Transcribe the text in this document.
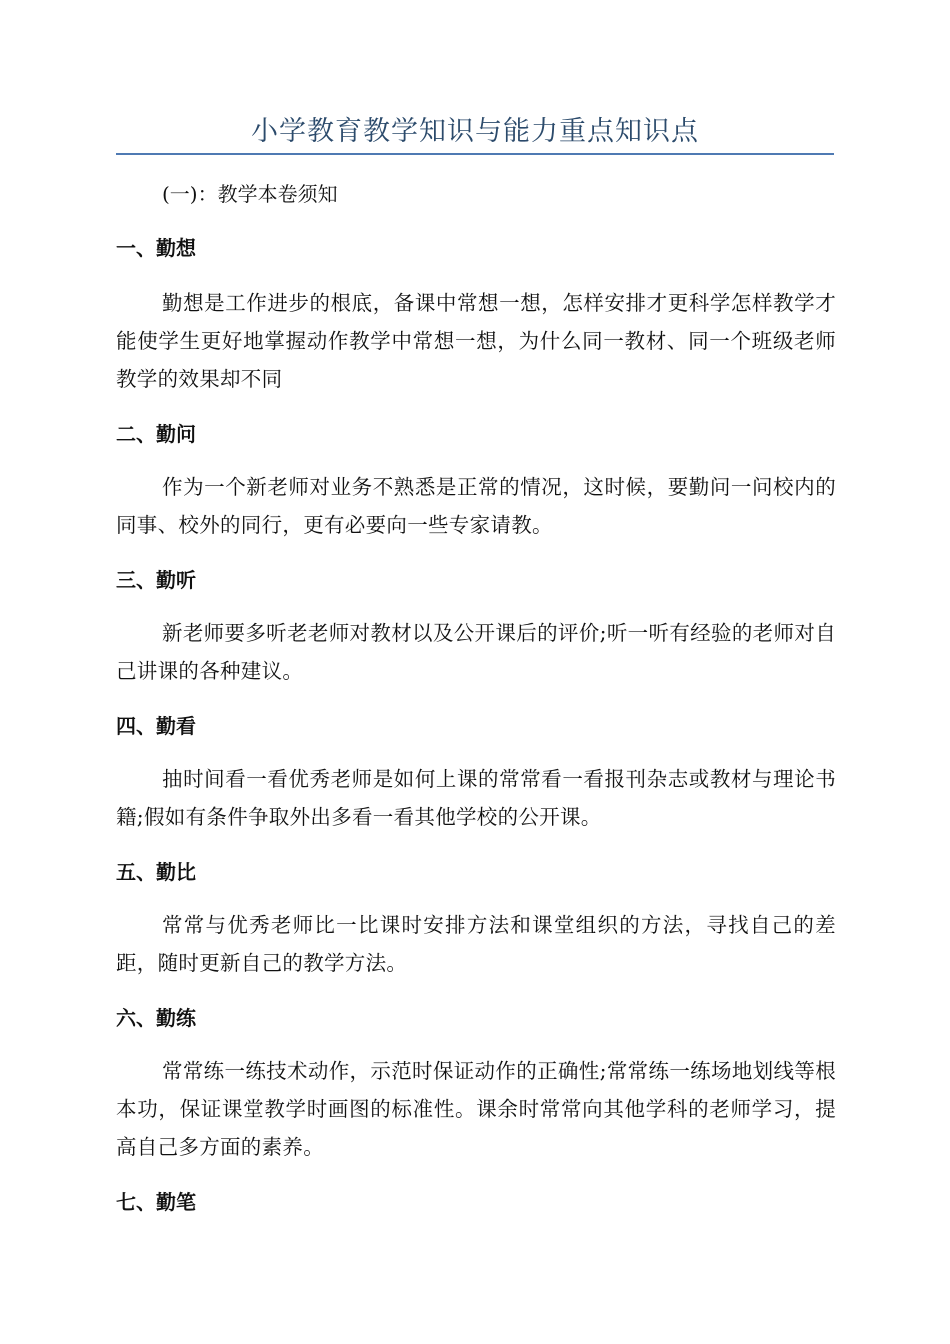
小学教育教学知识与能力重点知识点
(一)：教学本卷须知
一、勤想
勤想是工作进步的根底，备课中常想一想，怎样安排才更科学怎样教学才能使学生更好地掌握动作教学中常想一想，为什么同一教材、同一个班级老师教学的效果却不同
二、勤问
作为一个新老师对业务不熟悉是正常的情况，这时候，要勤问一问校内的同事、校外的同行，更有必要向一些专家请教。
三、勤听
新老师要多听老老师对教材以及公开课后的评价;听一听有经验的老师对自己讲课的各种建议。
四、勤看
抽时间看一看优秀老师是如何上课的常常看一看报刊杂志或教材与理论书籍;假如有条件争取外出多看一看其他学校的公开课。
五、勤比
常常与优秀老师比一比课时安排方法和课堂组织的方法，寻找自己的差距，随时更新自己的教学方法。
六、勤练
常常练一练技术动作，示范时保证动作的正确性;常常练一练场地划线等根本功，保证课堂教学时画图的标准性。课余时常常向其他学科的老师学习，提高自己多方面的素养。
七、勤笔
